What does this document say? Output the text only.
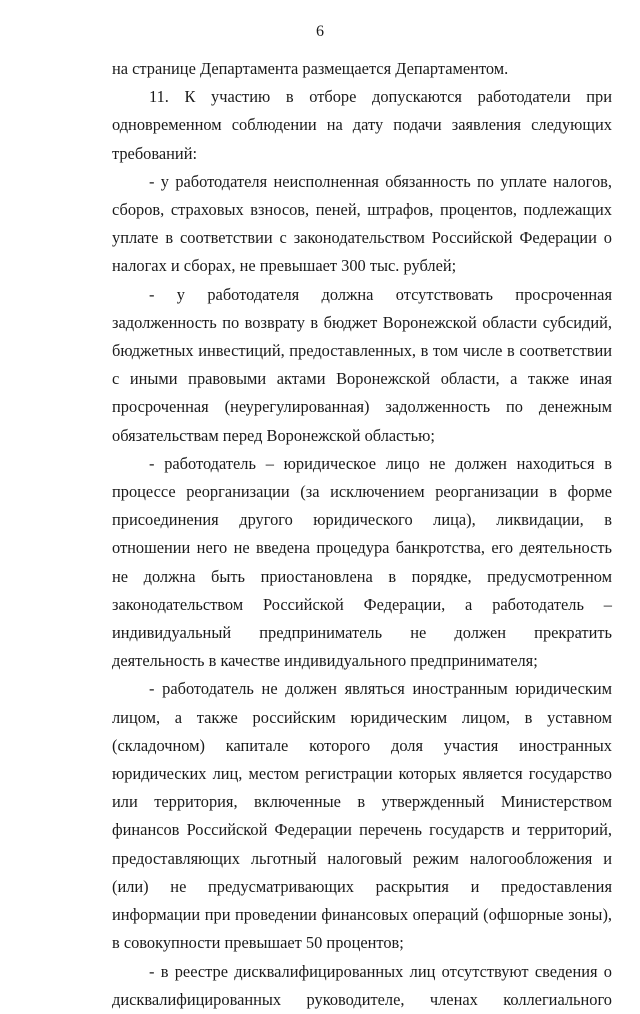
6

на странице Департамента размещается Департаментом.

11. К участию в отборе допускаются работодатели при одновременном соблюдении на дату подачи заявления следующих требований:

- у работодателя неисполненная обязанность по уплате налогов, сборов, страховых взносов, пеней, штрафов, процентов, подлежащих уплате в соответствии с законодательством Российской Федерации о налогах и сборах, не превышает 300 тыс. рублей;

- у работодателя должна отсутствовать просроченная задолженность по возврату в бюджет Воронежской области субсидий, бюджетных инвестиций, предоставленных, в том числе в соответствии с иными правовыми актами Воронежской области, а также иная просроченная (неурегулированная) задолженность по денежным обязательствам перед Воронежской областью;

- работодатель – юридическое лицо не должен находиться в процессе реорганизации (за исключением реорганизации в форме присоединения другого юридического лица), ликвидации, в отношении него не введена процедура банкротства, его деятельность не должна быть приостановлена в порядке, предусмотренном законодательством Российской Федерации, а работодатель – индивидуальный предприниматель не должен прекратить деятельность в качестве индивидуального предпринимателя;

- работодатель не должен являться иностранным юридическим лицом, а также российским юридическим лицом, в уставном (складочном) капитале которого доля участия иностранных юридических лиц, местом регистрации которых является государство или территория, включенные в утвержденный Министерством финансов Российской Федерации перечень государств и территорий, предоставляющих льготный налоговый режим налогообложения и (или) не предусматривающих раскрытия и предоставления информации при проведении финансовых операций (офшорные зоны), в совокупности превышает 50 процентов;

- в реестре дисквалифицированных лиц отсутствуют сведения о дисквалифицированных руководителе, членах коллегиального
